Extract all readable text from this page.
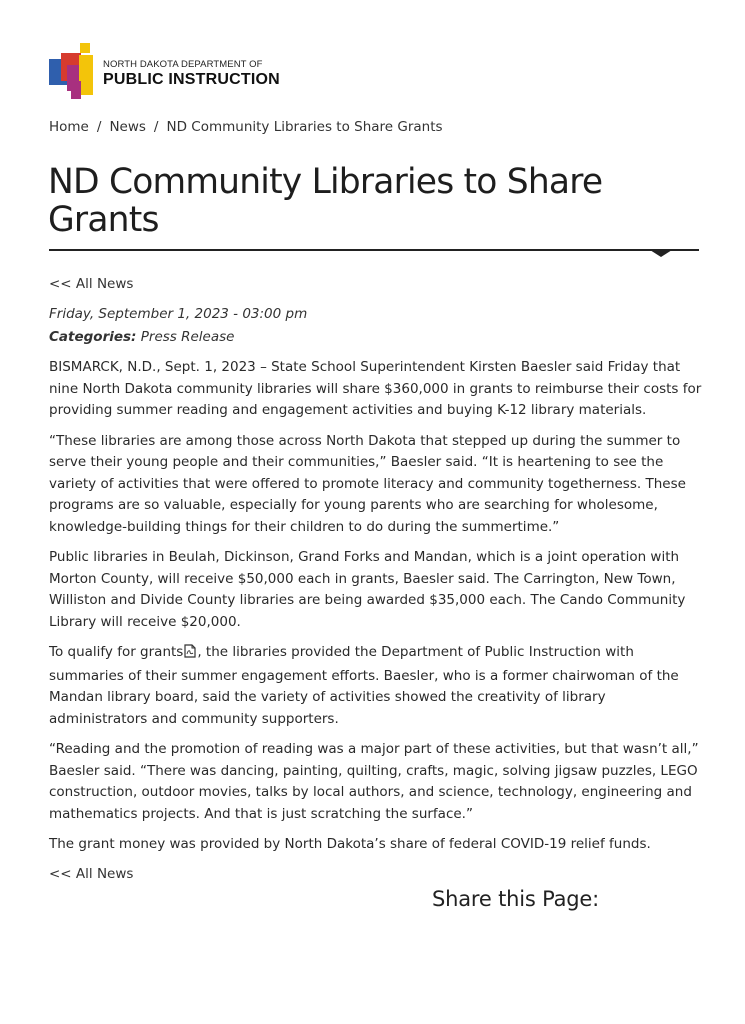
NORTH DAKOTA DEPARTMENT OF
PUBLIC INSTRUCTION
Home / News / ND Community Libraries to Share Grants
ND Community Libraries to Share Grants
<< All News
Friday, September 1, 2023 - 03:00 pm
Categories: Press Release

BISMARCK, N.D., Sept. 1, 2023 – State School Superintendent Kirsten Baesler said Friday that nine North Dakota community libraries will share $360,000 in grants to reimburse their costs for providing summer reading and engagement activities and buying K-12 library materials.

“These libraries are among those across North Dakota that stepped up during the summer to serve their young people and their communities,” Baesler said. “It is heartening to see the variety of activities that were offered to promote literacy and community togetherness. These programs are so valuable, especially for young parents who are searching for wholesome, knowledge-building things for their children to do during the summertime.”

Public libraries in Beulah, Dickinson, Grand Forks and Mandan, which is a joint operation with Morton County, will receive $50,000 each in grants, Baesler said. The Carrington, New Town, Williston and Divide County libraries are being awarded $35,000 each. The Cando Community Library will receive $20,000.

To qualify for grants , the libraries provided the Department of Public Instruction with summaries of their summer engagement efforts. Baesler, who is a former chairwoman of the Mandan library board, said the variety of activities showed the creativity of library administrators and community supporters.

“Reading and the promotion of reading was a major part of these activities, but that wasn’t all,” Baesler said. “There was dancing, painting, quilting, crafts, magic, solving jigsaw puzzles, LEGO construction, outdoor movies, talks by local authors, and science, technology, engineering and mathematics projects. And that is just scratching the surface.”

The grant money was provided by North Dakota’s share of federal COVID-19 relief funds.

<< All News
Share this Page:
